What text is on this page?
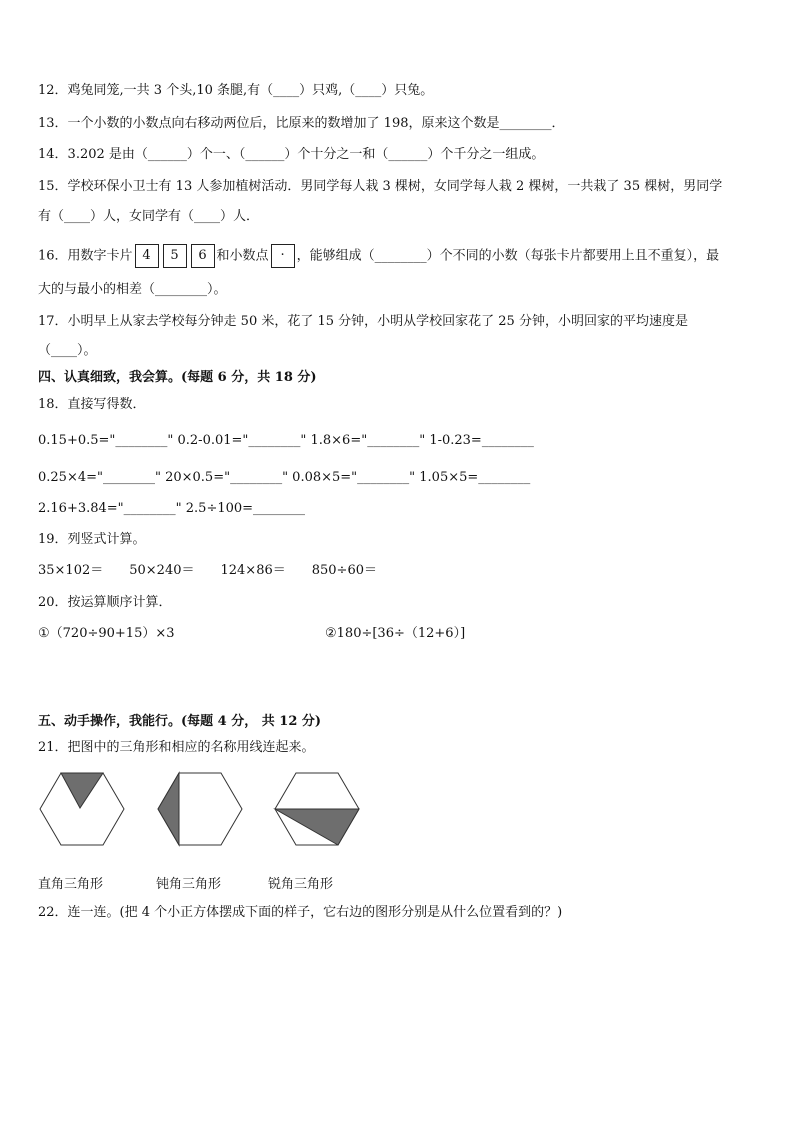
12．鸡兔同笼,一共 3 个头,10 条腿,有（____）只鸡,（____）只兔。
13．一个小数的小数点向右移动两位后，比原来的数增加了 198，原来这个数是________．
14．3.202 是由（______）个一、（______）个十分之一和（______）个千分之一组成。
15．学校环保小卫士有 13 人参加植树活动．男同学每人栽 3 棵树，女同学每人栽 2 棵树，一共栽了 35 棵树，男同学
有（____）人，女同学有（____）人．
16．用数字卡片 4 5 6 和小数点 . ，能够组成（________）个不同的小数（每张卡片都要用上且不重复），最
大的与最小的相差（________）。
17．小明早上从家去学校每分钟走 50 米，花了 15 分钟，小明从学校回家花了 25 分钟，小明回家的平均速度是
（____）。
四、认真细致，我会算。(每题 6 分，共 18 分)
18．直接写得数．
0.15+0.5="________" 0.2-0.01="________" 1.8×6="________" 1-0.23=________
0.25×4="________" 20×0.5="________" 0.08×5="________" 1.05×5=________
2.16+3.84="________" 2.5÷100=________
19．列竖式计算。
35×102＝　　50×240＝　　124×86＝　　850÷60＝
20．按运算顺序计算．
①（720÷90+15）×3	②180÷[36÷（12+6）]
五、动手操作，我能行。(每题 4 分， 共 12 分)
21．把图中的三角形和相应的名称用线连起来。
直角三角形	钝角三角形	锐角三角形
22．连一连。(把 4 个小正方体摆成下面的样子，它右边的图形分别是从什么位置看到的？)
